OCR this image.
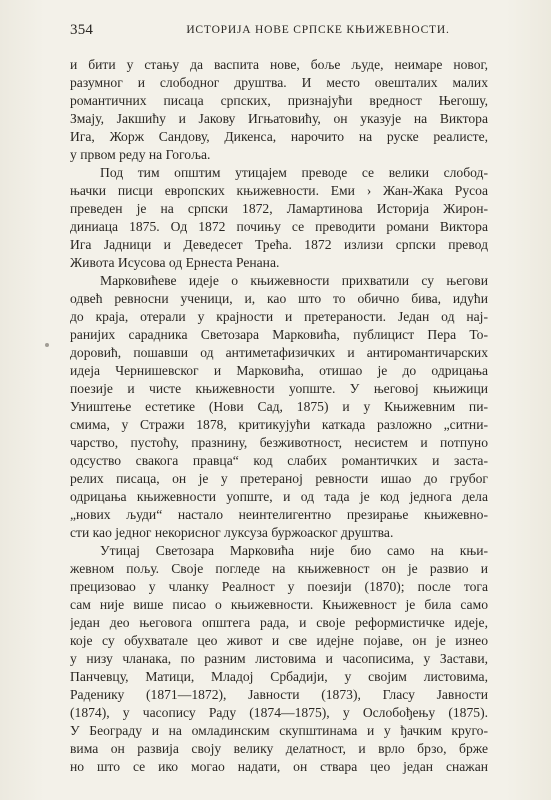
354	ИСТОРИЈА НОВЕ СРПСКЕ КЊИЖЕВНОСТИ.
и бити у стању да васпита нове, боље људе, неимаре новог,
разумног и слободног друштва. И место овешталих малих
романтичних писаца српских, признајући вредност Његошу,
Змају, Јакшићу и Јакову Игњатовићу, он указује на Виктора
Ига, Жорж Сандову, Дикенса, нарочито на руске реалисте,
у првом реду на Гогоља.
Под тим општим утицајем преводе се велики слобод-
њачки писци европских књижевности. Еми › Жан-Жака Русоа
преведен је на српски 1872, Ламартинова Историја Жирон-
диниаца 1875. Од 1872 почињу се преводити романи Виктора
Ига Јадници и Деведесет Трећа. 1872 излизи српски превод
Живота Исусова од Ернеста Ренана.
Марковићеве идеје о књижевности прихватили су његови
одвећ ревносни ученици, и, као што то обично бива, идући
до краја, отерали у крајности и претераности. Један од нај-
ранијих сарадника Светозара Марковића, публицист Пера То-
доровић, пошавши од антиметафизичких и антиромантичарских
идеја Чернишевског и Марковића, отишао је до одрицања
поезије и чисте књижевности уопште. У његовој књижици
Уништење естетике (Нови Сад, 1875) и у Књижевним пи-
смима, у Стражи 1878, критикујући каткада разложно „ситни-
чарство, пустоћу, празнину, безживотност, несистем и потпуно
одсуство свакога правца“ код слабих романтичких и застa-
релих писаца, он је у претераној ревности ишао до грубог
одрицања књижевности уопште, и од тада је код једнога дела
„нових људи“ настало неинтелигентно презирање књижевно-
сти као једног некорисног луксуза буржоаског друштва.
Утицај Светозара Марковића није био само на књи-
жевном пољу. Своје погледе на књижевност он је развио и
прецизовао у чланку Реалност у поезији (1870); после тога
сам није више писао о књижевности. Књижевност је била само
један део његовога општега рада, и своје реформистичке идеје,
које су обухватале цео живот и све идејне појаве, он је изнео
у низу чланака, по разним листовима и часописима, у Застави,
Панчевцу, Матици, Младој Србадији, у својим листовима,
Раденику (1871—1872), Јавности (1873), Гласу Јавности
(1874), у часопису Раду (1874—1875), у Ослобођењу (1875).
У Београду и на омладинским скупштинама и у ђачким круго-
вима он развија своју велику делатност, и врло брзо, брже
но што се ико могао надати, он ствара цео један снажан
